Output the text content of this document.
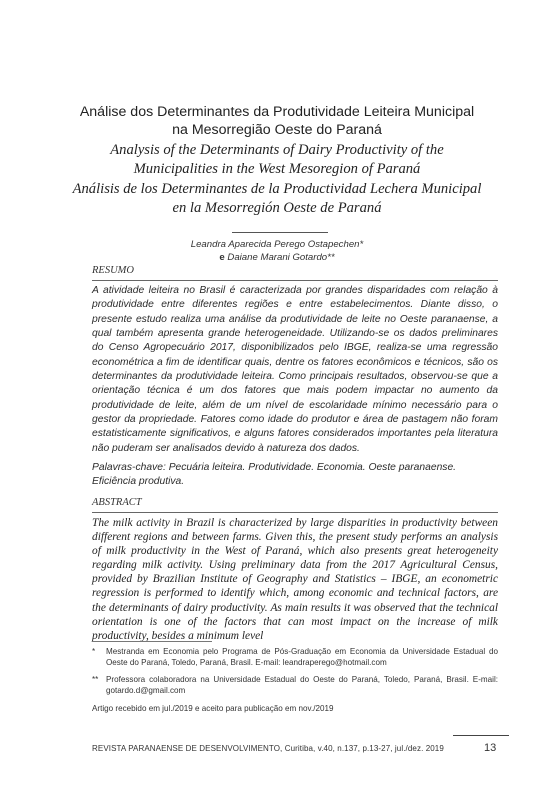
Análise dos Determinantes da Produtividade Leiteira Municipal na Mesorregião Oeste do Paraná
Analysis of the Determinants of Dairy Productivity of the Municipalities in the West Mesoregion of Paraná
Análisis de los Determinantes de la Productividad Lechera Municipal en la Mesorregión Oeste de Paraná
Leandra Aparecida Perego Ostapechen*
e Daiane Marani Gotardo**
RESUMO
A atividade leiteira no Brasil é caracterizada por grandes disparidades com relação à produtividade entre diferentes regiões e entre estabelecimentos. Diante disso, o presente estudo realiza uma análise da produtividade de leite no Oeste paranaense, a qual também apresenta grande heterogeneidade. Utilizando-se os dados preliminares do Censo Agropecuário 2017, disponibilizados pelo IBGE, realiza-se uma regressão econométrica a fim de identificar quais, dentre os fatores econômicos e técnicos, são os determinantes da produtividade leiteira. Como principais resultados, observou-se que a orientação técnica é um dos fatores que mais podem impactar no aumento da produtividade de leite, além de um nível de escolaridade mínimo necessário para o gestor da propriedade. Fatores como idade do produtor e área de pastagem não foram estatisticamente significativos, e alguns fatores considerados importantes pela literatura não puderam ser analisados devido à natureza dos dados.
Palavras-chave: Pecuária leiteira. Produtividade. Economia. Oeste paranaense. Eficiência produtiva.
ABSTRACT
The milk activity in Brazil is characterized by large disparities in productivity between different regions and between farms. Given this, the present study performs an analysis of milk productivity in the West of Paraná, which also presents great heterogeneity regarding milk activity. Using preliminary data from the 2017 Agricultural Census, provided by Brazilian Institute of Geography and Statistics – IBGE, an econometric regression is performed to identify which, among economic and technical factors, are the determinants of dairy productivity. As main results it was observed that the technical orientation is one of the factors that can most impact on the increase of milk productivity, besides a minimum level
*	Mestranda em Economia pelo Programa de Pós-Graduação em Economia da Universidade Estadual do Oeste do Paraná, Toledo, Paraná, Brasil. E-mail: leandraperego@hotmail.com
** Professora colaboradora na Universidade Estadual do Oeste do Paraná, Toledo, Paraná, Brasil. E-mail: gotardo.d@gmail.com
Artigo recebido em jul./2019 e aceito para publicação em nov./2019
REVISTA PARANAENSE DE DESENVOLVIMENTO, Curitiba, v.40, n.137, p.13-27, jul./dez. 2019	13
